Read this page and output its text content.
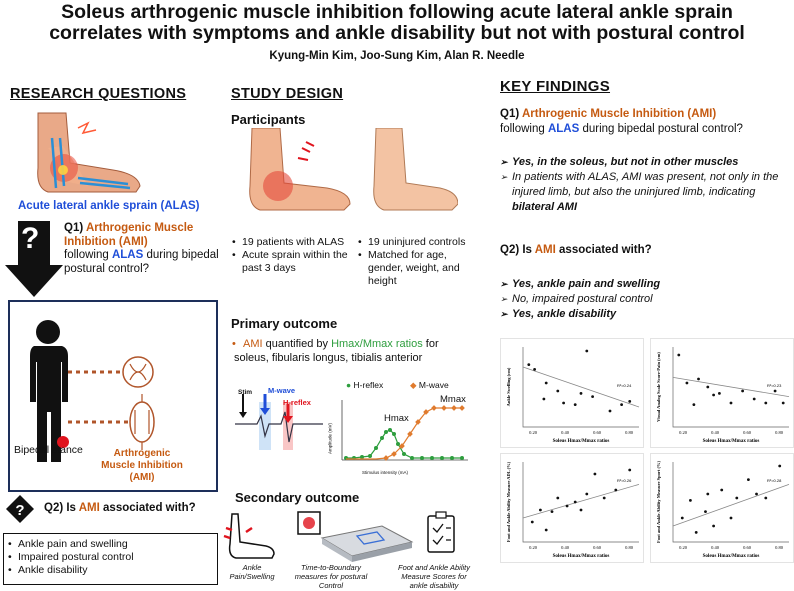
Soleus arthrogenic muscle inhibition following acute lateral ankle sprain
correlates with symptoms and ankle disability but not with postural control
Kyung-Min Kim, Joo-Sung Kim, Alan R. Needle
RESEARCH QUESTIONS
Acute lateral ankle sprain (ALAS)
? Q1) Arthrogenic Muscle Inhibition (AMI)
following ALAS during bipedal postural control?
Bipedal stance	Arthrogenic Muscle Inhibition (AMI)
? Q2) Is AMI associated with?
• Ankle pain and swelling
• Impaired postural control
• Ankle disability
STUDY DESIGN
Participants
• 19 patients with ALAS
• Acute sprain within the past 3 days
• 19 uninjured controls
• Matched for age, gender, weight, and height
Primary outcome
• AMI quantified by Hmax/Mmax ratios for soleus, fibularis longus, tibialis anterior
Stim M-wave
H-reflex
● H-reflex	◆ M-wave
Hmax
Mmax
Amplitude (mV)
Stimulus intensity (mA)
Secondary outcome
Ankle Pain/Swelling
Time-to-Boundary measures for postural Control
Foot and Ankle Ability Measure Scores for ankle disability
KEY FINDINGS
Q1) Arthrogenic Muscle Inhibition (AMI)
following ALAS during bipedal postural control?
➢ Yes, in the soleus, but not in other muscles
➢ In patients with ALAS, AMI was present, not only in the injured limb, but also the uninjured limb, indicating bilateral AMI
Q2) Is AMI associated with?
➢ Yes, ankle pain and swelling
➢ No, impaired postural control
➢ Yes, ankle disability
0.20	0.40	0.60	0.80
Soleus Hmax/Mmax ratios
Ankle Swelling (cm)	R²=0.24
0.20	0.40	0.60	0.80
Soleus Hmax/Mmax ratios
Visual Analog Scale Score-Pain (cm)	R²=0.23
0.20	0.40	0.60	0.80
Soleus Hmax/Mmax ratios
Foot and Ankle Ability Measure ADL (%)	R²=0.26
0.20	0.40	0.60	0.80
Soleus Hmax/Mmax ratios
Foot and Ankle Ability Measure Sport (%)	R²=0.28
